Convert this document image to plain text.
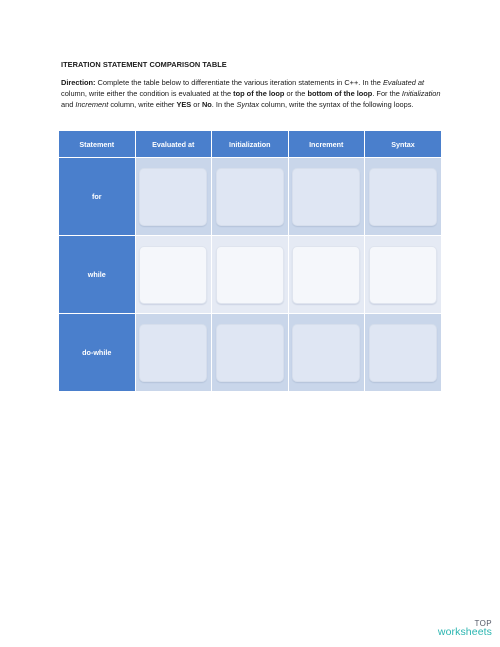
ITERATION STATEMENT COMPARISON TABLE
Direction: Complete the table below to differentiate the various iteration statements in C++. In the Evaluated at column, write either the condition is evaluated at the top of the loop or the bottom of the loop. For the Initialization and Increment column, write either YES or No. In the Syntax column, write the syntax of the following loops.
Statement	Evaluated at	Initialization	Increment	Syntax
for	

while	

do-while	

TOP
worksheets
